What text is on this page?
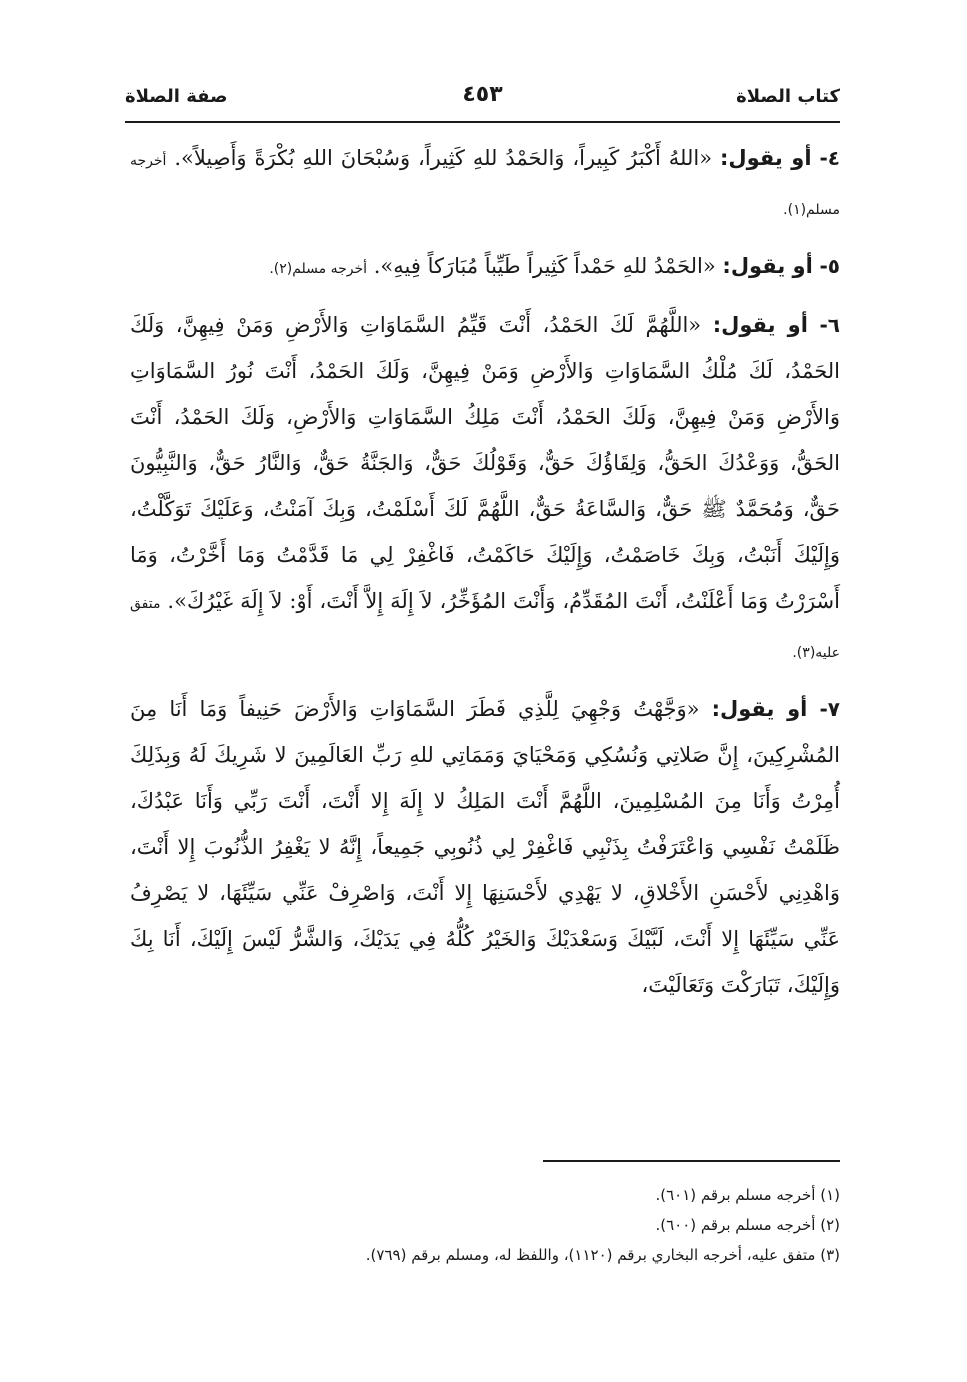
كتاب الصلاة
٤٥٣
صفة الصلاة

٤- أو يقول: «اللهُ أَكْبَرُ كَبِيراً، وَالحَمْدُ للهِ كَثِيراً، وَسُبْحَانَ اللهِ بُكْرَةً وَأَصِيلاً». أخرجه مسلم(١).

٥- أو يقول: «الحَمْدُ للهِ حَمْداً كَثِيراً طَيِّباً مُبَارَكاً فِيهِ». أخرجه مسلم(٢).

٦- أو يقول: «اللَّهُمَّ لَكَ الحَمْدُ، أَنْتَ قَيِّمُ السَّمَاوَاتِ وَالأَرْضِ وَمَنْ فِيهِنَّ، وَلَكَ الحَمْدُ، لَكَ مُلْكُ السَّمَاوَاتِ وَالأَرْضِ وَمَنْ فِيهِنَّ، وَلَكَ الحَمْدُ، أَنْتَ نُورُ السَّمَاوَاتِ وَالأَرْضِ وَمَنْ فِيهِنَّ، وَلَكَ الحَمْدُ، أَنْتَ مَلِكُ السَّمَاوَاتِ وَالأَرْضِ، وَلَكَ الحَمْدُ، أَنْتَ الحَقُّ، وَوَعْدُكَ الحَقُّ، وَلِقَاؤُكَ حَقٌّ، وَقَوْلُكَ حَقٌّ، وَالجَنَّةُ حَقٌّ، وَالنَّارُ حَقٌّ، وَالنَّبِيُّونَ حَقٌّ، وَمُحَمَّدٌ ﷺ حَقٌّ، وَالسَّاعَةُ حَقٌّ، اللَّهُمَّ لَكَ أَسْلَمْتُ، وَبِكَ آمَنْتُ، وَعَلَيْكَ تَوَكَّلْتُ، وَإِلَيْكَ أَنَبْتُ، وَبِكَ خَاصَمْتُ، وَإِلَيْكَ حَاكَمْتُ، فَاغْفِرْ لِي مَا قَدَّمْتُ وَمَا أَخَّرْتُ، وَمَا أَسْرَرْتُ وَمَا أَعْلَنْتُ، أَنْتَ المُقَدِّمُ، وَأَنْتَ المُؤَخِّرُ، لاَ إِلَهَ إِلاَّ أَنْتَ، أَوْ: لاَ إِلَهَ غَيْرُكَ». متفق عليه(٣).

٧- أو يقول: «وَجَّهْتُ وَجْهِيَ لِلَّذِي فَطَرَ السَّمَاوَاتِ وَالأَرْضَ حَنِيفاً وَمَا أَنَا مِنَ المُشْرِكِينَ، إِنَّ صَلاتِي وَنُسُكِي وَمَحْيَايَ وَمَمَاتِي للهِ رَبِّ العَالَمِينَ لا شَرِيكَ لَهُ وَبِذَلِكَ أُمِرْتُ وَأَنَا مِنَ المُسْلِمِينَ، اللَّهُمَّ أَنْتَ المَلِكُ لا إِلَهَ إِلا أَنْتَ، أَنْتَ رَبِّي وَأَنَا عَبْدُكَ، ظَلَمْتُ نَفْسِي وَاعْتَرَفْتُ بِذَنْبِي فَاغْفِرْ لِي ذُنُوبِي جَمِيعاً، إِنَّهُ لا يَغْفِرُ الذُّنُوبَ إِلا أَنْتَ، وَاهْدِنِي لأَحْسَنِ الأَخْلاقِ، لا يَهْدِي لأَحْسَنِهَا إِلا أَنْتَ، وَاصْرِفْ عَنِّي سَيِّئَهَا، لا يَصْرِفُ عَنِّي سَيِّئَهَا إِلا أَنْتَ، لَبَّيْكَ وَسَعْدَيْكَ وَالخَيْرُ كُلُّهُ فِي يَدَيْكَ، وَالشَّرُّ لَيْسَ إِلَيْكَ، أَنَا بِكَ وَإِلَيْكَ، تَبَارَكْتَ وَتَعَالَيْتَ،

(١) أخرجه مسلم برقم (٦٠١).
(٢) أخرجه مسلم برقم (٦٠٠).
(٣) متفق عليه، أخرجه البخاري برقم (١١٢٠)، واللفظ له، ومسلم برقم (٧٦٩).
